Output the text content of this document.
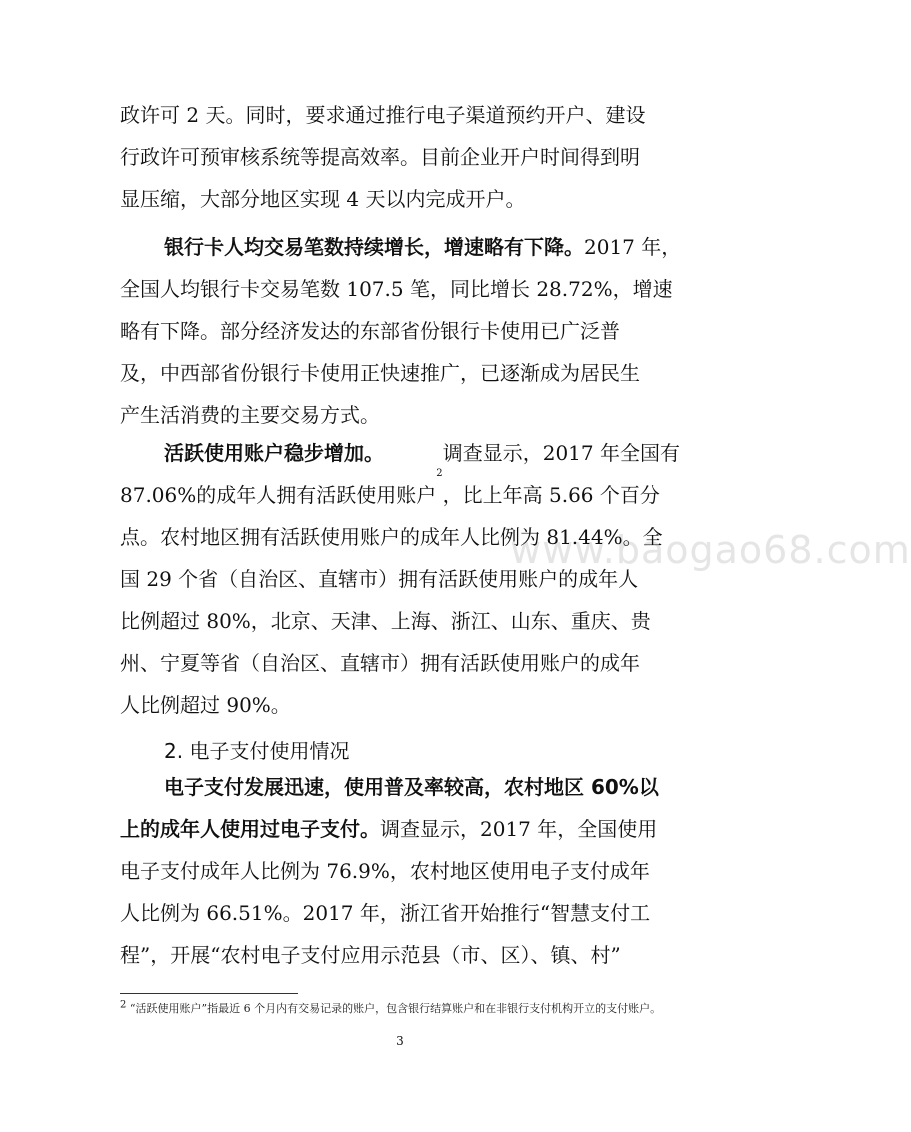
www.baogao68.com
政许可 2 天。同时，要求通过推行电子渠道预约开户、建设
行政许可预审核系统等提高效率。目前企业开户时间得到明
显压缩，大部分地区实现 4 天以内完成开户。
银行卡人均交易笔数持续增长，增速略有下降。 2017 年，
全国人均银行卡交易笔数 107.5 笔，同比增长 28.72%，增速
略有下降。部分经济发达的东部省份银行卡使用已广泛普
及，中西部省份银行卡使用正快速推广，已逐渐成为居民生
产生活消费的主要交易方式。
活跃使用账户稳步增加。	调查显示，2017 年全国有
87.06%的成年人拥有活跃使用账户
2
，比上年高 5.66 个百分
点。农村地区拥有活跃使用账户的成年人比例为 81.44%。全
国 29 个省（自治区、直辖市）拥有活跃使用账户的成年人
比例超过 80%，北京、天津、上海、浙江、山东、重庆、贵
州、宁夏等省（自治区、直辖市）拥有活跃使用账户的成年
人比例超过 90%。
2. 电子支付使用情况
电子支付发展迅速，使用普及率较高，农村地区 60%以
上的成年人使用过电子支付。 调查显示，2017 年，全国使用
电子支付成年人比例为 76.9%，农村地区使用电子支付成年
人比例为 66.51%。2017 年，浙江省开始推行“智慧支付工
程”，开展“农村电子支付应用示范县（市、区）、镇、村”
2 “活跃使用账户”指最近 6 个月内有交易记录的账户，包含银行结算账户和在非银行支付机构开立的支付账户。
3
